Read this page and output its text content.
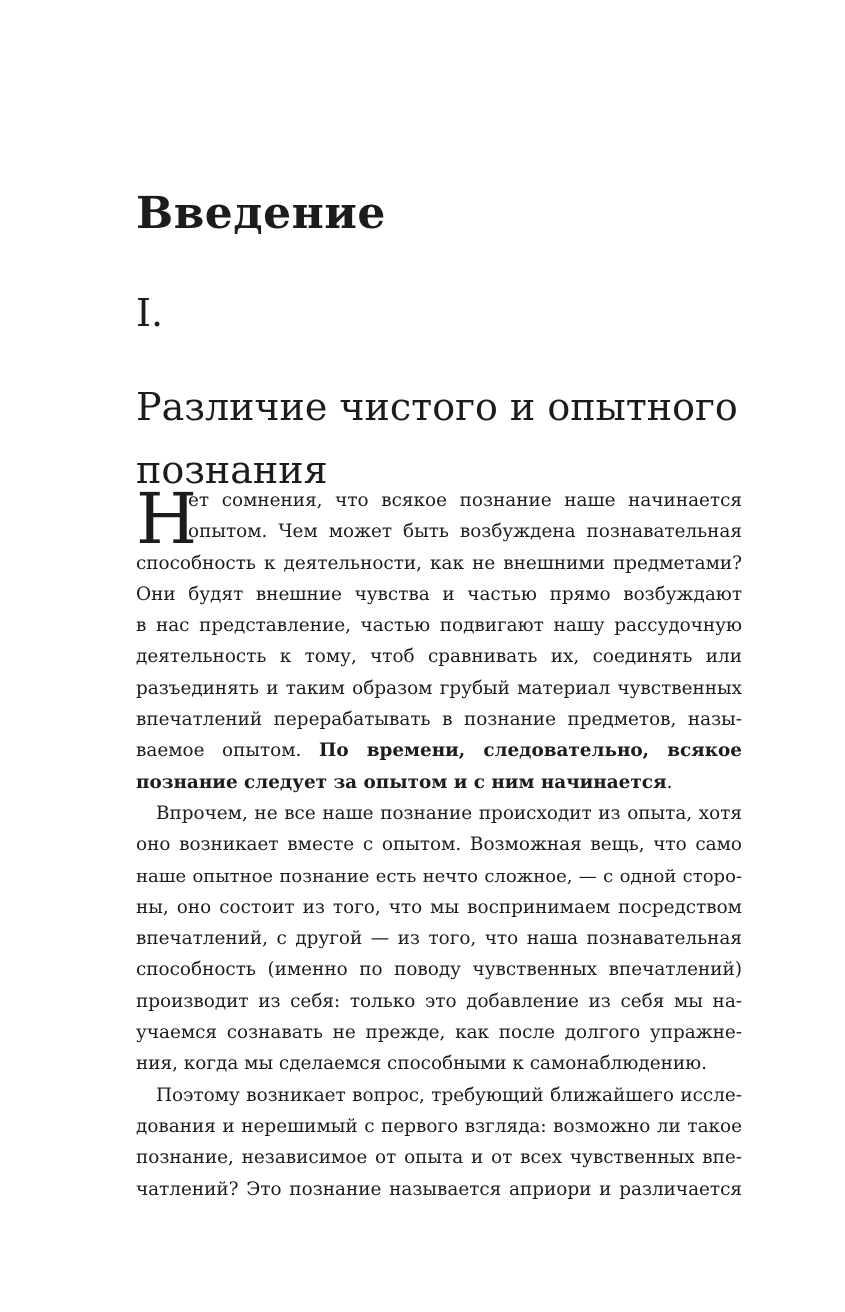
Введение
I.
Различие чистого и опытного
познания
Н
ет сомнения, что всякое познание наше начинается
опытом. Чем может быть возбуждена познавательная
способность к деятельности, как не внешними предметами?
Они будят внешние чувства и частью прямо возбуждают
в нас представление, частью подвигают нашу рассудочную
деятельность к тому, чтоб сравнивать их, соединять или
разъединять и таким образом грубый материал чувственных
впечатлений перерабатывать в познание предметов, назы-
ваемое опытом. По времени, следовательно, всякое
познание следует за опытом и с ним начинается.
Впрочем, не все наше познание происходит из опыта, хотя
оно возникает вместе с опытом. Возможная вещь, что само
наше опытное познание есть нечто сложное, — с одной сторо-
ны, оно состоит из того, что мы воспринимаем посредством
впечатлений, с другой — из того, что наша познавательная
способность (именно по поводу чувственных впечатлений)
производит из себя: только это добавление из себя мы на-
учаемся сознавать не прежде, как после долгого упражне-
ния, когда мы сделаемся способными к самонаблюдению.
Поэтому возникает вопрос, требующий ближайшего иссле-
дования и нерешимый с первого взгляда: возможно ли такое
познание, независимое от опыта и от всех чувственных впе-
чатлений? Это познание называется априори и различается
